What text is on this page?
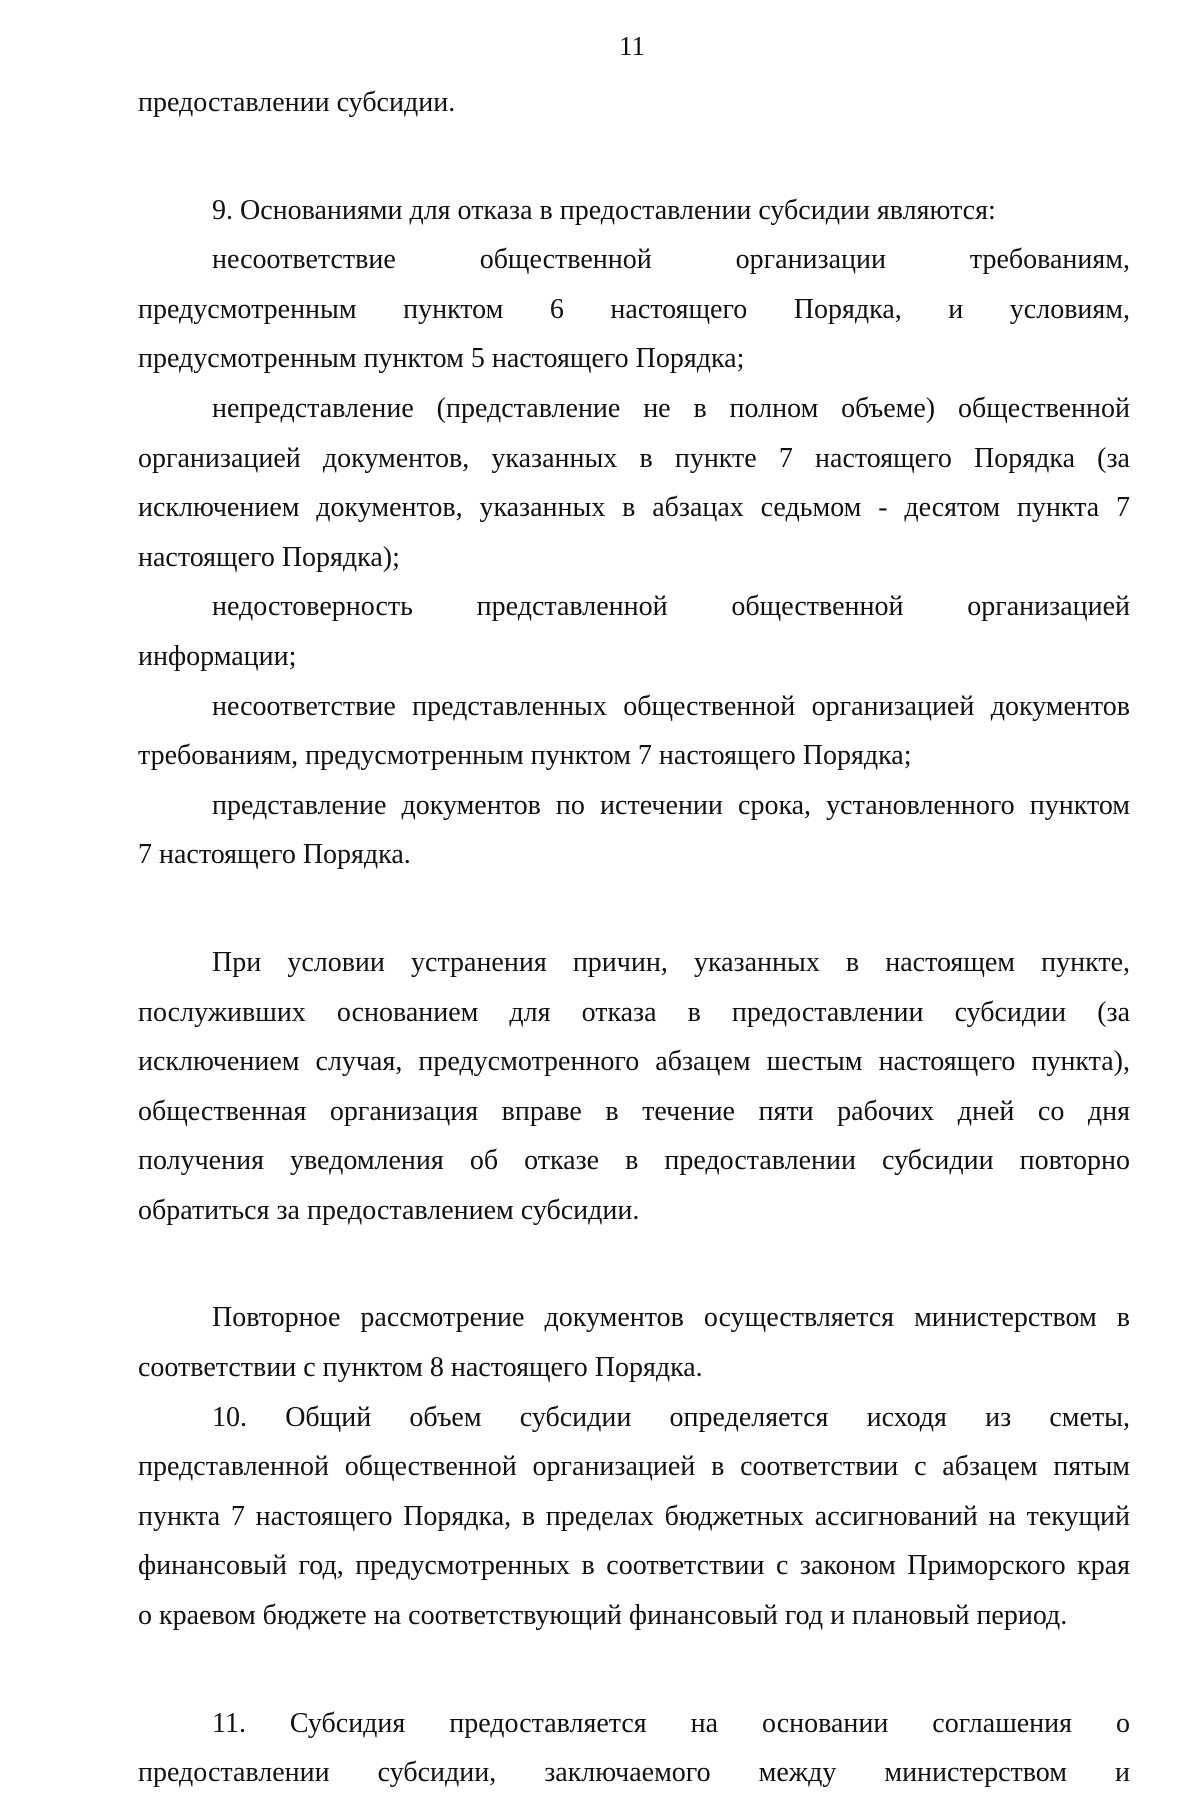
11
предоставлении субсидии.
9. Основаниями для отказа в предоставлении субсидии являются:
несоответствие общественной организации требованиям,
предусмотренным пунктом 6 настоящего Порядка, и условиям,
предусмотренным пунктом 5 настоящего Порядка;
непредставление (представление не в полном объеме) общественной
организацией документов, указанных в пункте 7 настоящего Порядка (за
исключением документов, указанных в абзацах седьмом - десятом пункта 7
настоящего Порядка);
недостоверность представленной общественной организацией
информации;
несоответствие представленных общественной организацией документов
требованиям, предусмотренным пунктом 7 настоящего Порядка;
представление документов по истечении срока, установленного пунктом
7 настоящего Порядка.
При условии устранения причин, указанных в настоящем пункте,
послуживших основанием для отказа в предоставлении субсидии (за
исключением случая, предусмотренного абзацем шестым настоящего пункта),
общественная организация вправе в течение пяти рабочих дней со дня
получения уведомления об отказе в предоставлении субсидии повторно
обратиться за предоставлением субсидии.
Повторное рассмотрение документов осуществляется министерством в
соответствии с пунктом 8 настоящего Порядка.
10. Общий объем субсидии определяется исходя из сметы,
представленной общественной организацией в соответствии с абзацем пятым
пункта 7 настоящего Порядка, в пределах бюджетных ассигнований на текущий
финансовый год, предусмотренных в соответствии с законом Приморского края
о краевом бюджете на соответствующий финансовый год и плановый период.
11. Субсидия предоставляется на основании соглашения о
предоставлении субсидии, заключаемого между министерством и
